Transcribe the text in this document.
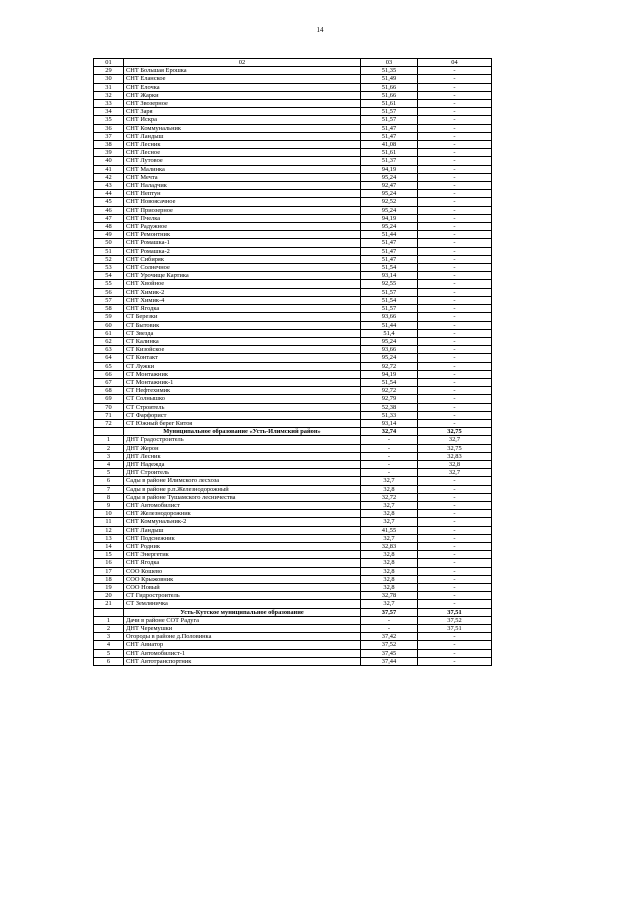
14
01	02	03	04
29	СНТ Большая Ерошка	51,35	-
30	СНТ Еланское	51,49	-
31	СНТ Елочка	51,66	-
32	СНТ Жарки	51,66	-
33	СНТ Звозерное	51,61	-
34	СНТ Заря	51,57	-
35	СНТ Искра	51,57	-
36	СНТ Коммунальник	51,47	-
37	СНТ Ландыш	51,47	-
38	СНТ Лесник	41,08	-
39	СНТ Лесное	51,61	-
40	СНТ Лутовое	51,37	-
41	СНТ Малинка	94,19	-
42	СНТ Мечта	95,24	-
43	СНТ Наладчик	92,47	-
44	СНТ Нептун	95,24	-
45	СНТ Новоясачное	92,52	-
46	СНТ Приозерное	95,24	-
47	СНТ Пчелка	94,19	-
48	СНТ Радужное	95,24	-
49	СНТ Ремонтник	51,44	-
50	СНТ Ромашка-1	51,47	-
51	СНТ Ромашка-2	51,47	-
52	СНТ Сибиряк	51,47	-
53	СНТ Солнечное	51,54	-
54	СНТ Урочище Картика	93,14	-
55	СНТ Хвойное	92,55	-
56	СНТ Химик-2	51,57	-
57	СНТ Химик-4	51,54	-
58	СНТ Ягодка	51,57	-
59	СТ Березки	93,66	-
60	СТ Бытовик	51,44	-
61	СТ Звезда	51,4	-
62	СТ Калинка	95,24	-
63	СТ Кизойское	93,66	-
64	СТ Контакт	95,24	-
65	СТ Лужки	92,72	-
66	СТ Монтажник	94,19	-
67	СТ Монтажник-1	51,54	-
68	СТ Нефтехимик	92,72	-
69	СТ Солнышко	92,79	-
70	СТ Строитель	52,38	-
71	СТ Фарфорист	51,33	-
72	СТ Южный берег Китоя	93,14	-
	Муниципальное образование «Усть-Илимский район»	32,74	32,75
1	ДНТ Градостроитель	-	32,7
2	ДНТ Жерон	-	32,75
3	ДНТ Лесник	-	32,83
4	ДНТ Надежда	-	32,8
5	ДНТ Строитель	-	32,7
6	Сады в районе Илимского лесхоза	32,7	-
7	Сады в районе р.п.Железнодорожный	32,8	-
8	Сады в районе Тушамского лесничества	32,72	-
9	СНТ Автомобилист	32,7	-
10	СНТ Железнодорожник	32,8	-
11	СНТ Коммунальник-2	32,7	-
12	СНТ Ландыш	41,55	-
13	СНТ Подснежник	32,7	-
14	СНТ Родник	32,83	-
15	СНТ Энергетик	32,8	-
16	СНТ Ягодка	32,8	-
17	СОО Кошево	32,8	-
18	СОО Крыжовник	32,8	-
19	СОО Новый	32,8	-
20	СТ Гидростроитель	32,78	-
21	СТ Земляничка	32,7	-
	Усть-Кутское муниципальное образование	37,57	37,51
1	Дачи в районе СОТ Радуга	-	37,52
2	ДНТ Черемушки	-	37,51
3	Огороды в районе д.Половинка	37,42	-
4	СНТ Авиатор	37,52	-
5	СНТ Автомобилист-1	37,45	-
6	СНТ Автотранспортник	37,44	-
